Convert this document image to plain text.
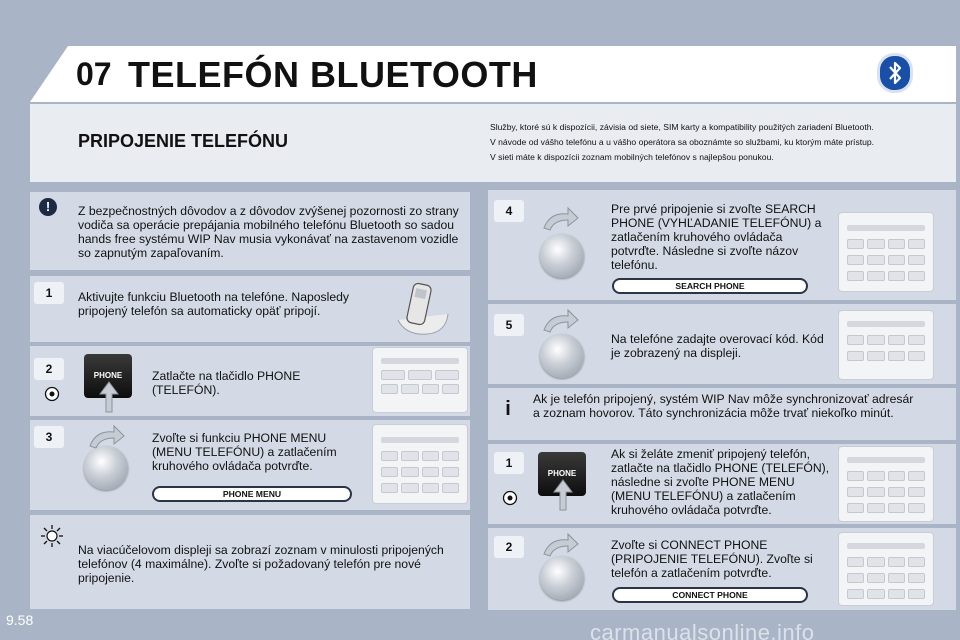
07 TELEFÓN BLUETOOTH
PRIPOJENIE TELEFÓNU
Služby, ktoré sú k dispozícii, závisia od siete, SIM karty a kompatibility použitých zariadení Bluetooth.
V návode od vášho telefónu a u vášho operátora sa oboznámte so službami, ku ktorým máte prístup.
V sieti máte k dispozícii zoznam mobilných telefónov s najlepšou ponukou.
!	Z bezpečnostných dôvodov a z dôvodov zvýšenej pozornosti zo strany vodiča sa operácie prepájania mobilného telefónu Bluetooth so sadou hands free systému WIP Nav musia vykonávať na zastavenom vozidle so zapnutým zapaľovaním.
1	Aktivujte funkciu Bluetooth na telefóne. Naposledy pripojený telefón sa automaticky opäť pripojí.
2	PHONE	Zatlačte na tlačidlo PHONE (TELEFÓN).
3	Zvoľte si funkciu PHONE MENU (MENU TELEFÓNU) a zatlačením kruhového ovládača potvrďte.
PHONE MENU
Na viacúčelovom displeji sa zobrazí zoznam v minulosti pripojených telefónov (4 maximálne). Zvoľte si požadovaný telefón pre nové pripojenie.
4	Pre prvé pripojenie si zvoľte SEARCH PHONE (VYHĽADANIE TELEFÓNU) a zatlačením kruhového ovládača potvrďte. Následne si zvoľte názov telefónu.
SEARCH PHONE
5
Na telefóne zadajte overovací kód. Kód je zobrazený na displeji.
i	Ak je telefón pripojený, systém WIP Nav môže synchronizovať adresár a zoznam hovorov. Táto synchronizácia môže trvať niekoľko minút.
1
PHONE
Ak si želáte zmeniť pripojený telefón, zatlačte na tlačidlo PHONE (TELEFÓN), následne si zvoľte PHONE MENU (MENU TELEFÓNU) a zatlačením kruhového ovládača potvrďte.
2	Zvoľte si CONNECT PHONE (PRIPOJENIE TELEFÓNU). Zvoľte si telefón a zatlačením potvrďte.
CONNECT PHONE
9.58	carmanualsonline.info
